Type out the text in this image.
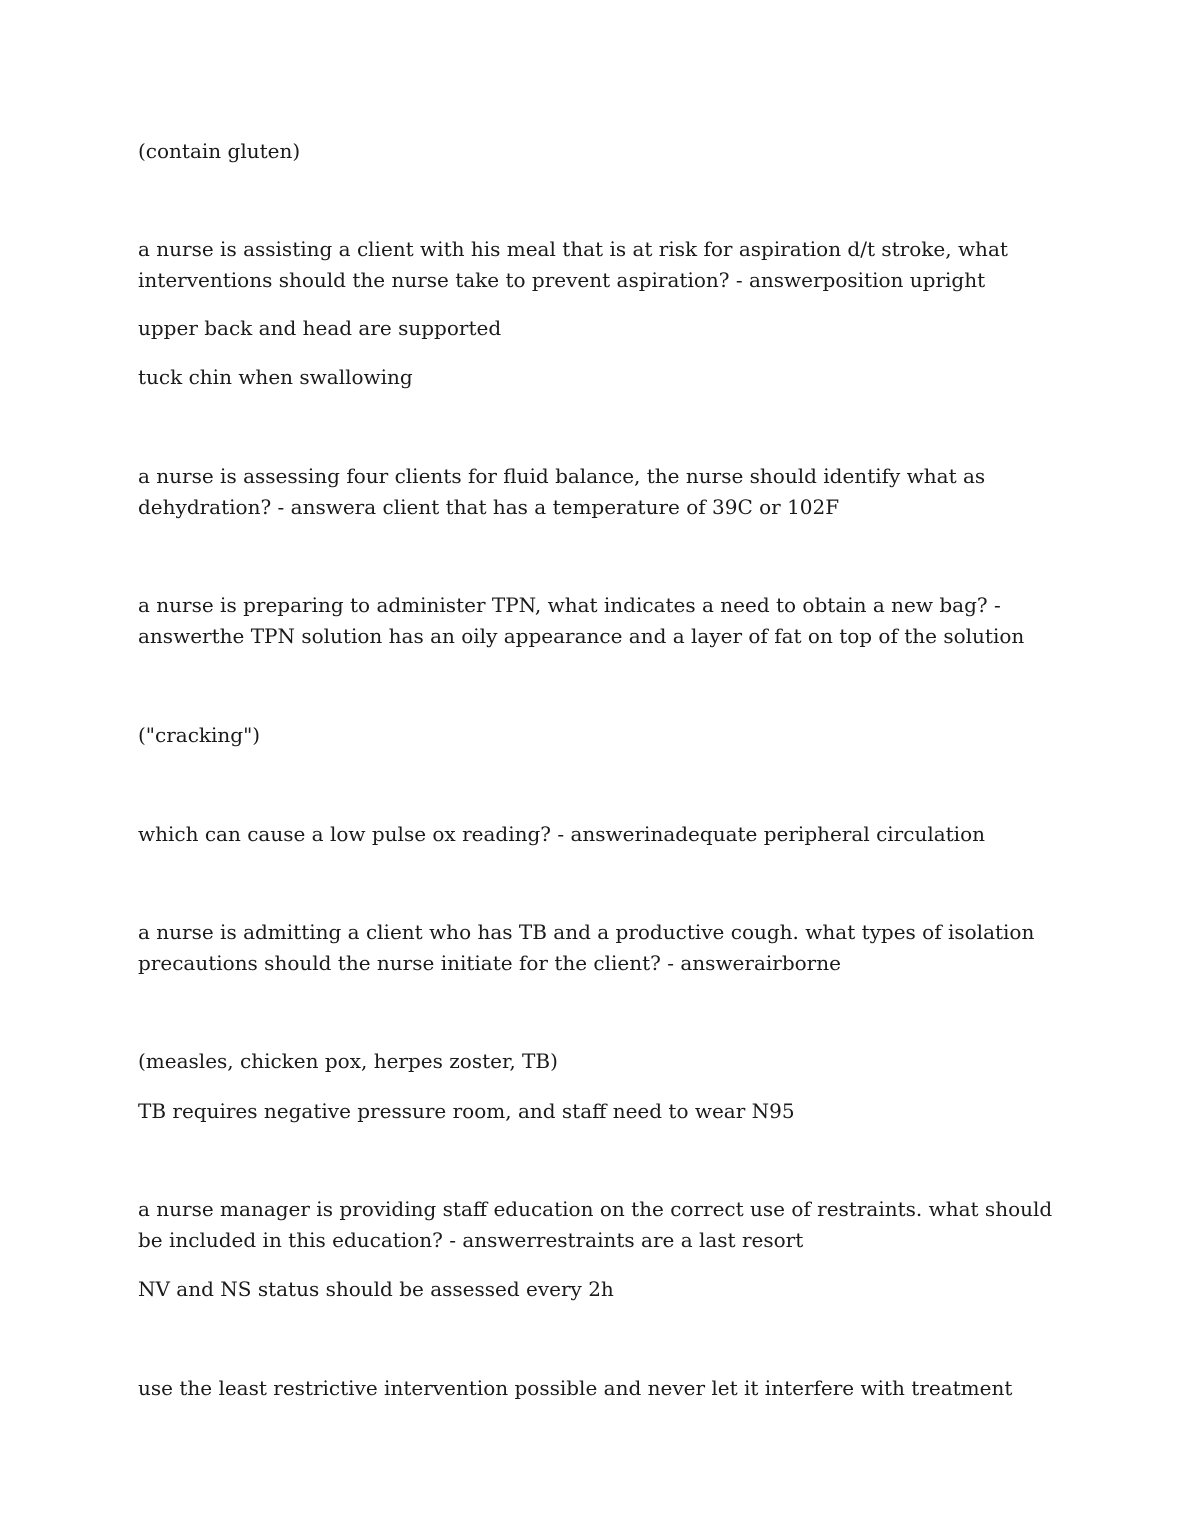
(contain gluten)

a nurse is assisting a client with his meal that is at risk for aspiration d/t stroke, what interventions should the nurse take to prevent aspiration? - answerposition upright

upper back and head are supported

tuck chin when swallowing

a nurse is assessing four clients for fluid balance, the nurse should identify what as dehydration? - answera client that has a temperature of 39C or 102F

a nurse is preparing to administer TPN, what indicates a need to obtain a new bag? - answerthe TPN solution has an oily appearance and a layer of fat on top of the solution

("cracking")

which can cause a low pulse ox reading? - answerinadequate peripheral circulation

a nurse is admitting a client who has TB and a productive cough. what types of isolation precautions should the nurse initiate for the client? - answerairborne

(measles, chicken pox, herpes zoster, TB)

TB requires negative pressure room, and staff need to wear N95

a nurse manager is providing staff education on the correct use of restraints. what should be included in this education? - answerrestraints are a last resort

NV and NS status should be assessed every 2h

use the least restrictive intervention possible and never let it interfere with treatment
